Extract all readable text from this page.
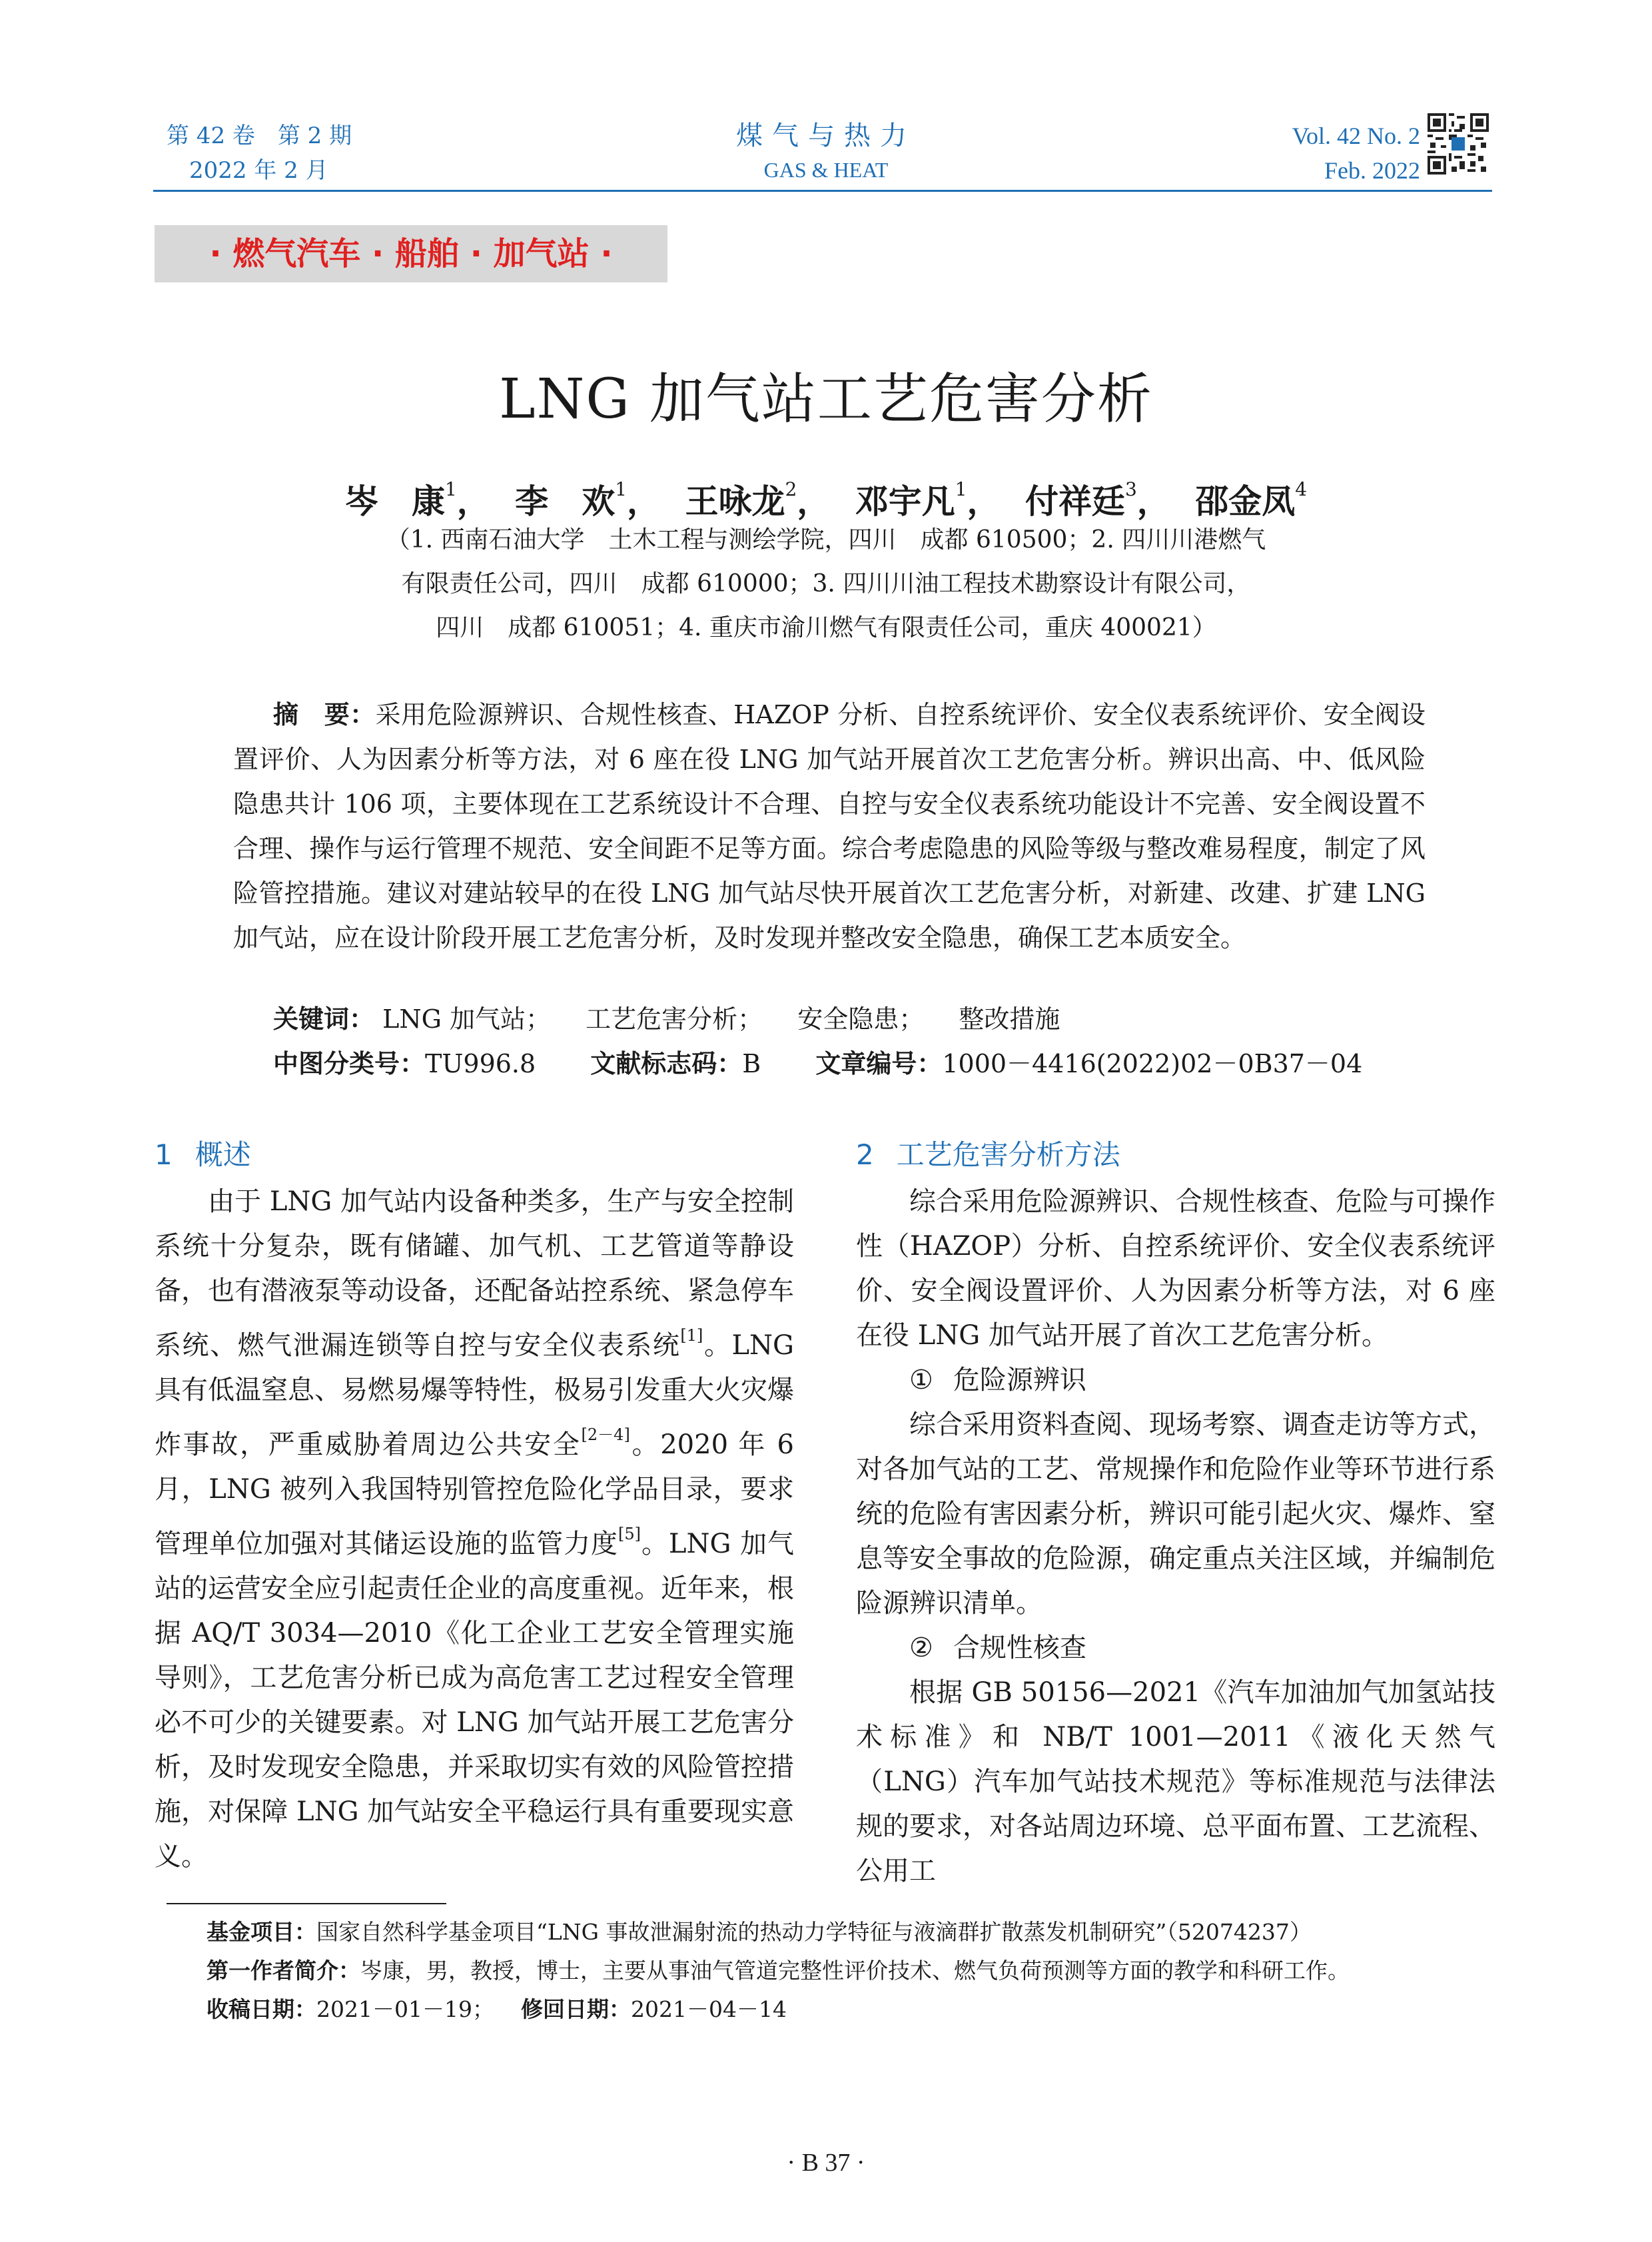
第 42 卷　第 2 期
2022 年 2 月
煤气与热力
GAS & HEAT
Vol. 42 No. 2
Feb. 2022
· 燃气汽车 · 船舶 · 加气站 ·
LNG 加气站工艺危害分析
岑　康$^1$， 李　欢$^1$， 王咏龙$^2$， 邓宇凡$^1$， 付祥廷$^3$， 邵金凤$^4$
（1. 西南石油大学　土木工程与测绘学院，四川　成都 610500；2. 四川川港燃气
有限责任公司，四川　成都 610000；3. 四川川油工程技术勘察设计有限公司，
四川　成都 610051；4. 重庆市渝川燃气有限责任公司，重庆 400021）
摘　要：采用危险源辨识、合规性核查、HAZOP 分析、自控系统评价、安全仪表系统评价、安全阀设置评价、人为因素分析等方法，对 6 座在役 LNG 加气站开展首次工艺危害分析。辨识出高、中、低风险隐患共计 106 项，主要体现在工艺系统设计不合理、自控与安全仪表系统功能设计不完善、安全阀设置不合理、操作与运行管理不规范、安全间距不足等方面。综合考虑隐患的风险等级与整改难易程度，制定了风险管控措施。建议对建站较早的在役 LNG 加气站尽快开展首次工艺危害分析，对新建、改建、扩建 LNG 加气站，应在设计阶段开展工艺危害分析，及时发现并整改安全隐患，确保工艺本质安全。
关键词： LNG 加气站； 工艺危害分析； 安全隐患； 整改措施
中图分类号：TU996.8 文献标志码：B 文章编号：1000－4416(2022)02－0B37－04
1 概述

由于 LNG 加气站内设备种类多，生产与安全控制系统十分复杂，既有储罐、加气机、工艺管道等静设备，也有潜液泵等动设备，还配备站控系统、紧急停车系统、燃气泄漏连锁等自控与安全仪表系统[1]。LNG 具有低温窒息、易燃易爆等特性，极易引发重大火灾爆炸事故，严重威胁着周边公共安全[2－4]。2020 年 6 月，LNG 被列入我国特别管控危险化学品目录，要求管理单位加强对其储运设施的监管力度[5]。LNG 加气站的运营安全应引起责任企业的高度重视。近年来，根据 AQ/T 3034—2010《化工企业工艺安全管理实施导则》，工艺危害分析已成为高危害工艺过程安全管理必不可少的关键要素。对 LNG 加气站开展工艺危害分析，及时发现安全隐患，并采取切实有效的风险管控措施，对保障 LNG 加气站安全平稳运行具有重要现实意义。

2 工艺危害分析方法

综合采用危险源辨识、合规性核查、危险与可操作性（HAZOP）分析、自控系统评价、安全仪表系统评价、安全阀设置评价、人为因素分析等方法，对 6 座在役 LNG 加气站开展了首次工艺危害分析。

① 危险源辨识

综合采用资料查阅、现场考察、调查走访等方式，对各加气站的工艺、常规操作和危险作业等环节进行系统的危险有害因素分析，辨识可能引起火灾、爆炸、窒息等安全事故的危险源，确定重点关注区域，并编制危险源辨识清单。

② 合规性核查

根据 GB 50156—2021《汽车加油加气加氢站技术标准》和 NB/T 1001—2011《液化天然气（LNG）汽车加气站技术规范》等标准规范与法律法规的要求，对各站周边环境、总平面布置、工艺流程、公用工

基金项目：国家自然科学基金项目“LNG 事故泄漏射流的热动力学特征与液滴群扩散蒸发机制研究”（52074237）
第一作者简介：岑康，男，教授，博士，主要从事油气管道完整性评价技术、燃气负荷预测等方面的教学和科研工作。
收稿日期：2021－01－19； 修回日期：2021－04－14
· B 37 ·
